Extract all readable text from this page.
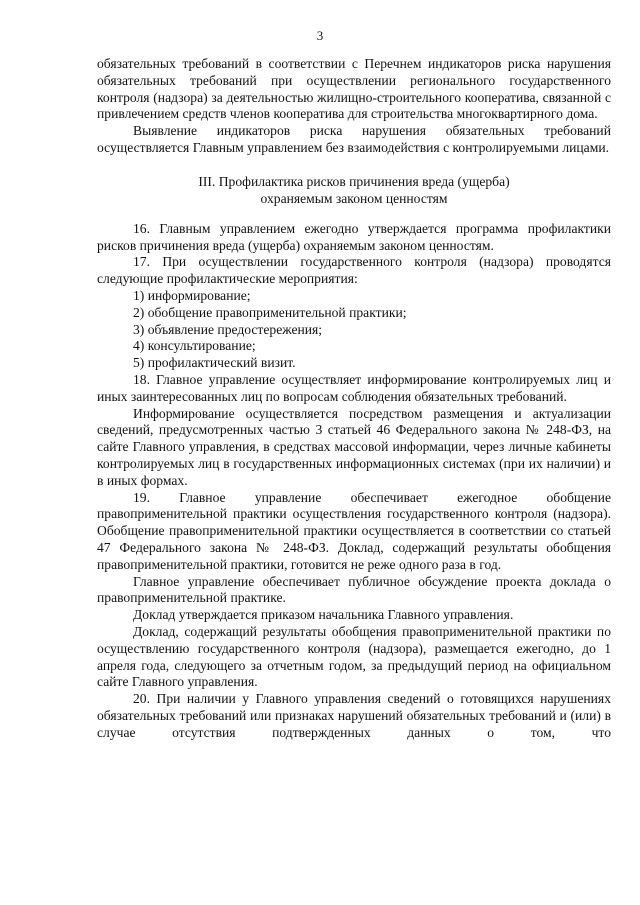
3

обязательных требований в соответствии с Перечнем индикаторов риска нарушения обязательных требований при осуществлении регионального государственного контроля (надзора) за деятельностью жилищно-строительного кооператива, связанной с привлечением средств членов кооператива для строительства многоквартирного дома.

Выявление индикаторов риска нарушения обязательных требований осуществляется Главным управлением без взаимодействия с контролируемыми лицами.

III. Профилактика рисков причинения вреда (ущерба)

охраняемым законом ценностям

16. Главным управлением ежегодно утверждается программа профилактики рисков причинения вреда (ущерба) охраняемым законом ценностям.

17. При осуществлении государственного контроля (надзора) проводятся следующие профилактические мероприятия:

1) информирование;

2) обобщение правоприменительной практики;

3) объявление предостережения;

4) консультирование;

5) профилактический визит.

18. Главное управление осуществляет информирование контролируемых лиц и иных заинтересованных лиц по вопросам соблюдения обязательных требований.

Информирование осуществляется посредством размещения и актуализации сведений, предусмотренных частью 3 статьей 46 Федерального закона № 248-ФЗ, на сайте Главного управления, в средствах массовой информации, через личные кабинеты контролируемых лиц в государственных информационных системах (при их наличии) и в иных формах.

19. Главное управление обеспечивает ежегодное обобщение правоприменительной практики осуществления государственного контроля (надзора). Обобщение правоприменительной практики осуществляется в соответствии со статьей 47 Федерального закона № 248-ФЗ. Доклад, содержащий результаты обобщения правоприменительной практики, готовится не реже одного раза в год.

Главное управление обеспечивает публичное обсуждение проекта доклада о правоприменительной практике.

Доклад утверждается приказом начальника Главного управления.

Доклад, содержащий результаты обобщения правоприменительной практики по осуществлению государственного контроля (надзора), размещается ежегодно, до 1 апреля года, следующего за отчетным годом, за предыдущий период на официальном сайте Главного управления.

20. При наличии у Главного управления сведений о готовящихся нарушениях обязательных требований или признаках нарушений обязательных требований и (или) в случае отсутствия подтвержденных данных о том, что
